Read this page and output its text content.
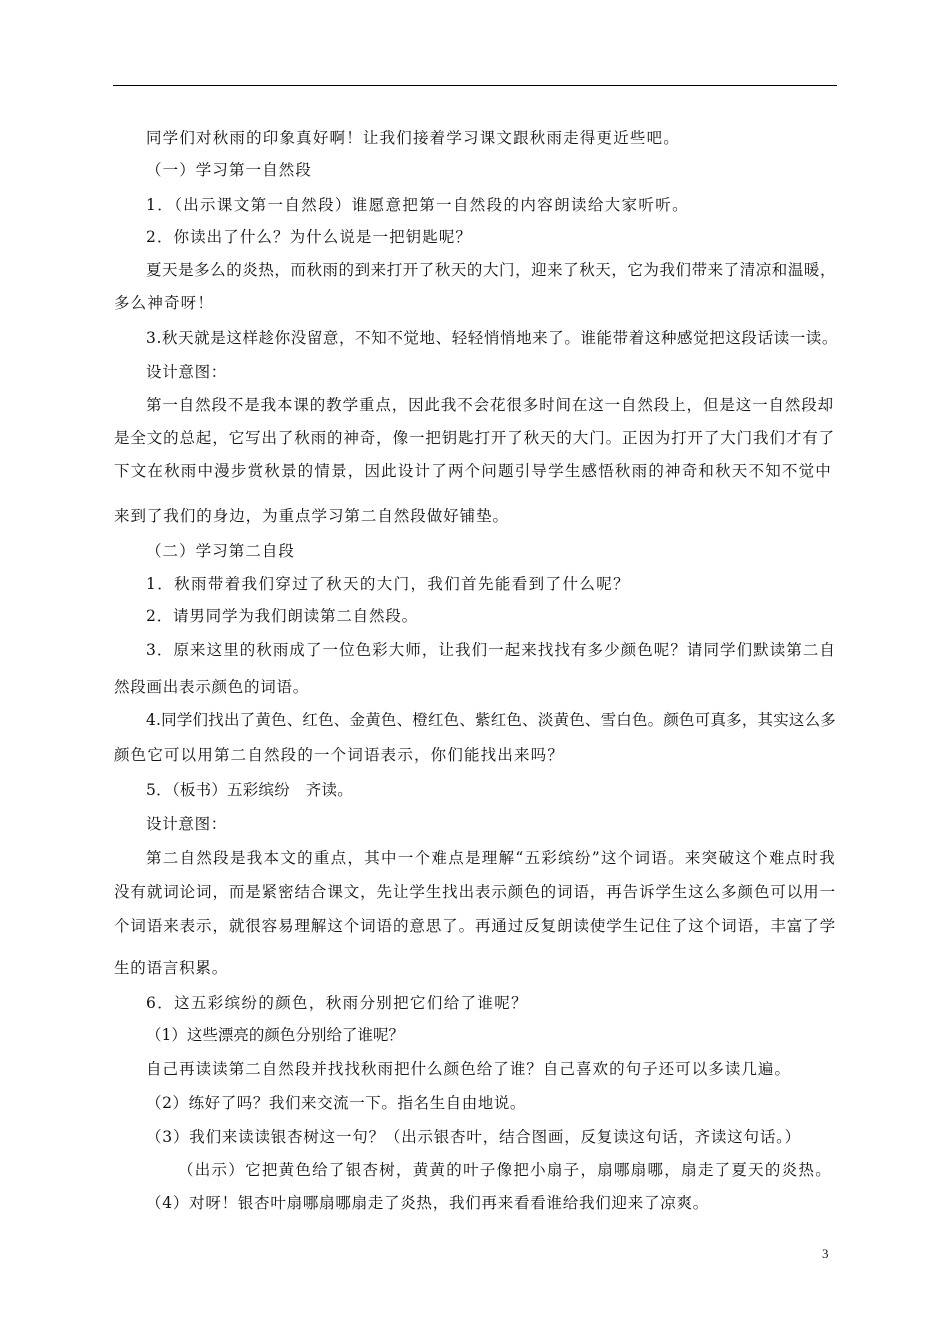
同学们对秋雨的印象真好啊！让我们接着学习课文跟秋雨走得更近些吧。
（一）学习第一自然段
1．（出示课文第一自然段）谁愿意把第一自然段的内容朗读给大家听听。
2．你读出了什么？为什么说是一把钥匙呢？
夏天是多么的炎热，而秋雨的到来打开了秋天的大门，迎来了秋天，它为我们带来了清凉和温暖，
多么神奇呀！
3.秋天就是这样趁你没留意，不知不觉地、轻轻悄悄地来了。谁能带着这种感觉把这段话读一读。
设计意图：
第一自然段不是我本课的教学重点，因此我不会花很多时间在这一自然段上，但是这一自然段却
是全文的总起，它写出了秋雨的神奇，像一把钥匙打开了秋天的大门。正因为打开了大门我们才有了
下文在秋雨中漫步赏秋景的情景，因此设计了两个问题引导学生感悟秋雨的神奇和秋天不知不觉中
来到了我们的身边，为重点学习第二自然段做好铺垫。
（二）学习第二自段
1．秋雨带着我们穿过了秋天的大门，我们首先能看到了什么呢？
2．请男同学为我们朗读第二自然段。
3．原来这里的秋雨成了一位色彩大师，让我们一起来找找有多少颜色呢？请同学们默读第二自
然段画出表示颜色的词语。
4.同学们找出了黄色、红色、金黄色、橙红色、紫红色、淡黄色、雪白色。颜色可真多，其实这么多
颜色它可以用第二自然段的一个词语表示，你们能找出来吗？
5．（板书）五彩缤纷　齐读。
设计意图：
第二自然段是我本文的重点，其中一个难点是理解“五彩缤纷”这个词语。来突破这个难点时我
没有就词论词，而是紧密结合课文，先让学生找出表示颜色的词语，再告诉学生这么多颜色可以用一
个词语来表示，就很容易理解这个词语的意思了。再通过反复朗读使学生记住了这个词语，丰富了学
生的语言积累。
6．这五彩缤纷的颜色，秋雨分别把它们给了谁呢？
（1）这些漂亮的颜色分别给了谁呢？
自己再读读第二自然段并找找秋雨把什么颜色给了谁？自己喜欢的句子还可以多读几遍。
（2）练好了吗？我们来交流一下。指名生自由地说。
（3）我们来读读银杏树这一句？（出示银杏叶，结合图画，反复读这句话，齐读这句话。）
（出示）它把黄色给了银杏树，黄黄的叶子像把小扇子，扇哪扇哪，扇走了夏天的炎热。
（4）对呀！银杏叶扇哪扇哪扇走了炎热，我们再来看看谁给我们迎来了凉爽。
3
